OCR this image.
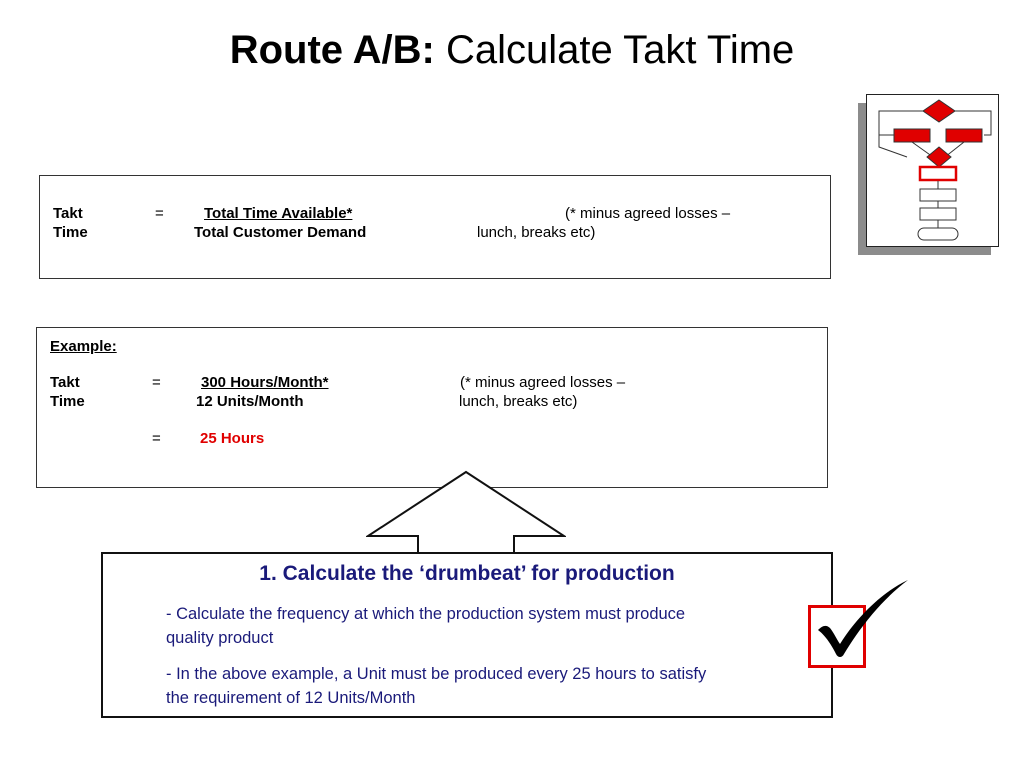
Route A/B: Calculate Takt Time
Takt
Time
=	Total Time Available*
Total Customer Demand
(* minus agreed losses –
lunch, breaks etc)
Example:
Takt
Time
=	300 Hours/Month*
12 Units/Month
(* minus agreed losses –
lunch, breaks etc)
=	25 Hours
1. Calculate the ‘drumbeat’ for production
- Calculate the frequency at which the production system must produce
quality product
- In the above example, a Unit must be produced every 25 hours to satisfy
the requirement of 12 Units/Month
